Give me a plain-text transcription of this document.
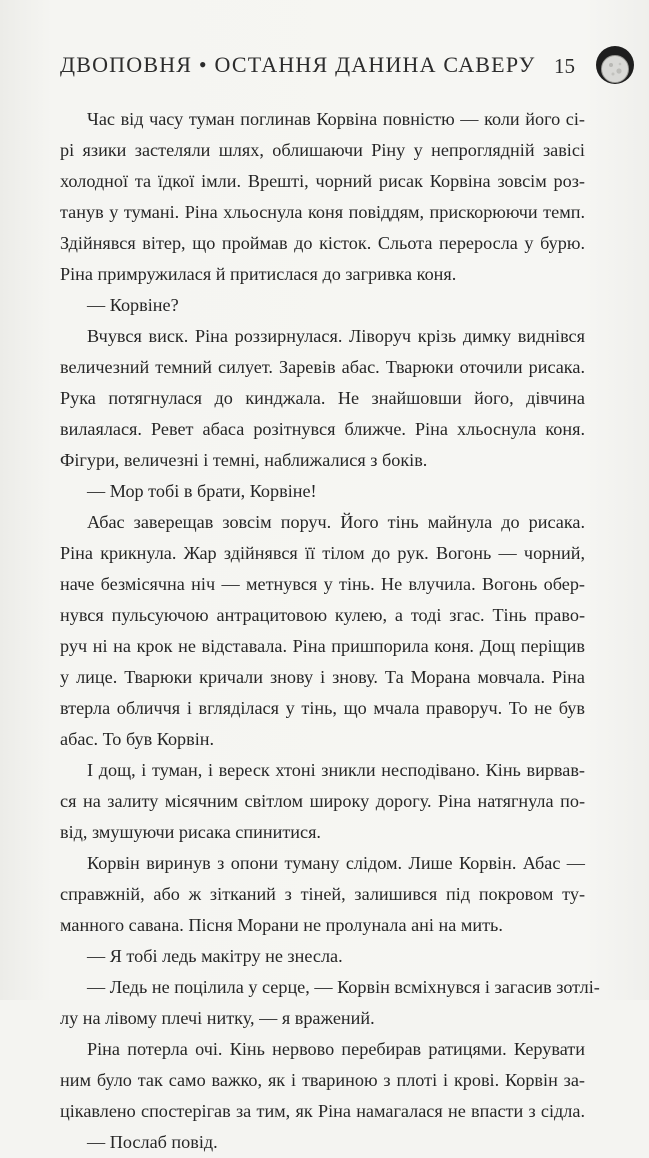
ДВОПОВНЯ • ОСТАННЯ ДАНИНА САВЕРУ 15
Час від часу туман поглинав Корвіна повністю — коли його сі-
рі язики застеляли шлях, облишаючи Ріну у непроглядній завісі
холодної та їдкої імли. Врешті, чорний рисак Корвіна зовсім роз-
танув у тумані. Ріна хльоснула коня повіддям, прискорюючи темп.
Здійнявся вітер, що проймав до кісток. Сльота переросла у бурю.
Ріна примружилася й притислася до загривка коня.
— Корвіне?
Вчувся виск. Ріна роззирнулася. Ліворуч крізь димку виднівся
величезний темний силует. Заревів абас. Тварюки оточили рисака.
Рука потягнулася до кинджала. Не знайшовши його, дівчина
вилаялася. Ревет абаса розітнувся ближче. Ріна хльоснула коня.
Фігури, величезні і темні, наближалися з боків.
— Мор тобі в брати, Корвіне!
Абас заверещав зовсім поруч. Його тінь майнула до рисака.
Ріна крикнула. Жар здійнявся її тілом до рук. Вогонь — чорний,
наче безмісячна ніч — метнувся у тінь. Не влучила. Вогонь обер-
нувся пульсуючою антрацитовою кулею, а тоді згас. Тінь право-
руч ні на крок не відставала. Ріна пришпорила коня. Дощ періщив
у лице. Тварюки кричали знову і знову. Та Морана мовчала. Ріна
втерла обличчя і вглядiлася у тінь, що мчала праворуч. То не був
абас. То був Корвін.
І дощ, і туман, і вереск хтоні зникли несподівано. Кінь вирвав-
ся на залиту місячним світлом широку дорогу. Ріна натягнула по-
від, змушуючи рисака спинитися.
Корвін виринув з опони туману слідом. Лише Корвін. Абас —
справжній, або ж зітканий з тіней, залишився під покровом ту-
манного савана. Пісня Морани не пролунала ані на мить.
— Я тобі ледь макітру не знесла.
— Ледь не поцілила у серце, — Корвін всміхнувся і загасив зотлі-
лу на лівому плечі нитку, — я вражений.
Ріна потерла очі. Кінь нервово перебирав ратицями. Керувати
ним було так само важко, як і твариною з плоті і крові. Корвін за-
цікавлено спостерігав за тим, як Ріна намагалася не впасти з сідла.
— Послаб повід.
